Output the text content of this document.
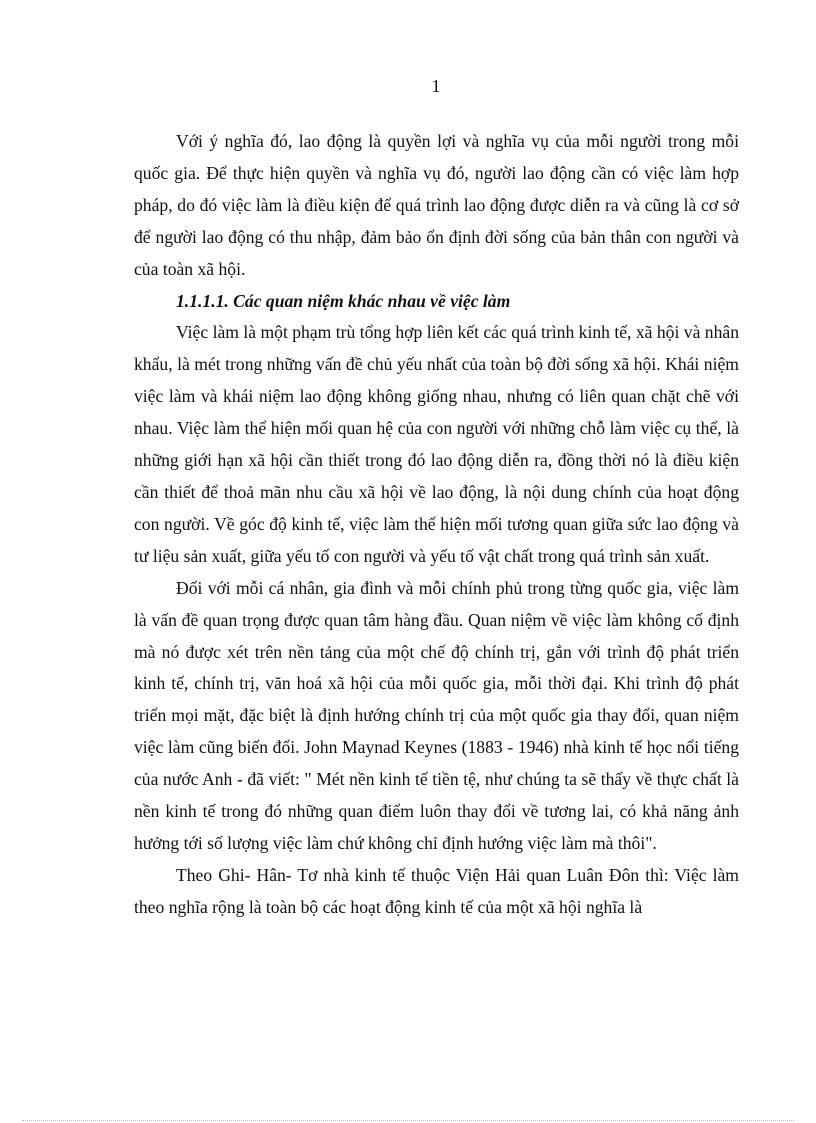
1

Với ý nghĩa đó, lao động là quyền lợi và nghĩa vụ của mỗi người trong mỗi quốc gia. Để thực hiện quyền và nghĩa vụ đó, người lao động cần có việc làm hợp pháp, do đó việc làm là điều kiện để quá trình lao động được diễn ra và cũng là cơ sở để người lao động có thu nhập, đảm bảo ổn định đời sống của bản thân con người và của toàn xã hội.

1.1.1.1. Các quan niệm khác nhau về việc làm

Việc làm là một phạm trù tổng hợp liên kết các quá trình kinh tế, xã hội và nhân khẩu, là mét trong những vấn đề chủ yếu nhất của toàn bộ đời sống xã hội. Khái niệm việc làm và khái niệm lao động không giống nhau, nhưng có liên quan chặt chẽ với nhau. Việc làm thể hiện mối quan hệ của con người với những chỗ làm việc cụ thể, là những giới hạn xã hội cần thiết trong đó lao động diễn ra, đồng thời nó là điều kiện cần thiết để thoả mãn nhu cầu xã hội về lao động, là nội dung chính của hoạt động con người. Về góc độ kinh tế, việc làm thể hiện mối tương quan giữa sức lao động và tư liệu sản xuất, giữa yếu tố con người và yếu tố vật chất trong quá trình sản xuất.

Đối với mỗi cá nhân, gia đình và mỗi chính phủ trong từng quốc gia, việc làm là vấn đề quan trọng được quan tâm hàng đầu. Quan niệm về việc làm không cố định mà nó được xét trên nền tảng của một chế độ chính trị, gắn với trình độ phát triển kinh tế, chính trị, văn hoá xã hội của mỗi quốc gia, mỗi thời đại. Khi trình độ phát triển mọi mặt, đặc biệt là định hướng chính trị của một quốc gia thay đổi, quan niệm việc làm cũng biến đổi. John Maynad Keynes (1883 - 1946) nhà kinh tế học nổi tiếng của nước Anh - đã viết: " Mét nền kinh tế tiền tệ, như chúng ta sẽ thấy về thực chất là nền kinh tế trong đó những quan điểm luôn thay đổi về tương lai, có khả năng ảnh hưởng tới số lượng việc làm chứ không chỉ định hướng việc làm mà thôi".

Theo Ghi- Hân- Tơ nhà kinh tế thuộc Viện Hải quan Luân Đôn thì: Việc làm theo nghĩa rộng là toàn bộ các hoạt động kinh tế của một xã hội nghĩa là
